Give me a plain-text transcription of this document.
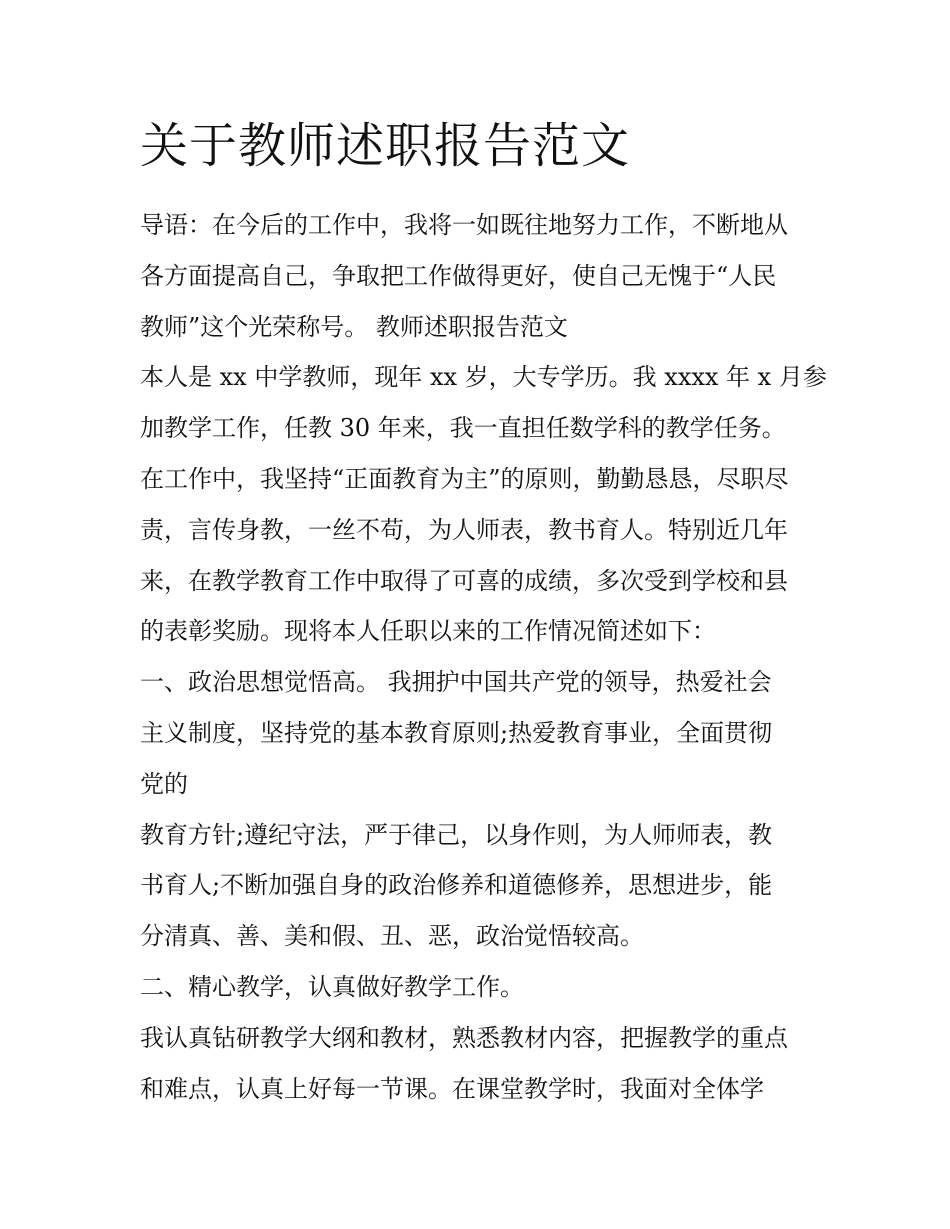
关于教师述职报告范文
导语：在今后的工作中，我将一如既往地努力工作，不断地从
各方面提高自己，争取把工作做得更好，使自己无愧于“人民
教师”这个光荣称号。 教师述职报告范文
本人是 xx 中学教师，现年 xx 岁，大专学历。我 xxxx 年 x 月参
加教学工作，任教 30 年来，我一直担任数学科的教学任务。
在工作中，我坚持“正面教育为主”的原则，勤勤恳恳，尽职尽
责，言传身教，一丝不苟，为人师表，教书育人。特别近几年
来，在教学教育工作中取得了可喜的成绩，多次受到学校和县
的表彰奖励。现将本人任职以来的工作情况简述如下：
一、政治思想觉悟高。 我拥护中国共产党的领导，热爱社会
主义制度，坚持党的基本教育原则;热爱教育事业，全面贯彻
党的
教育方针;遵纪守法，严于律己，以身作则，为人师师表，教
书育人;不断加强自身的政治修养和道德修养，思想进步，能
分清真、善、美和假、丑、恶，政治觉悟较高。
二、精心教学，认真做好教学工作。
我认真钻研教学大纲和教材，熟悉教材内容，把握教学的重点
和难点，认真上好每一节课。在课堂教学时，我面对全体学
